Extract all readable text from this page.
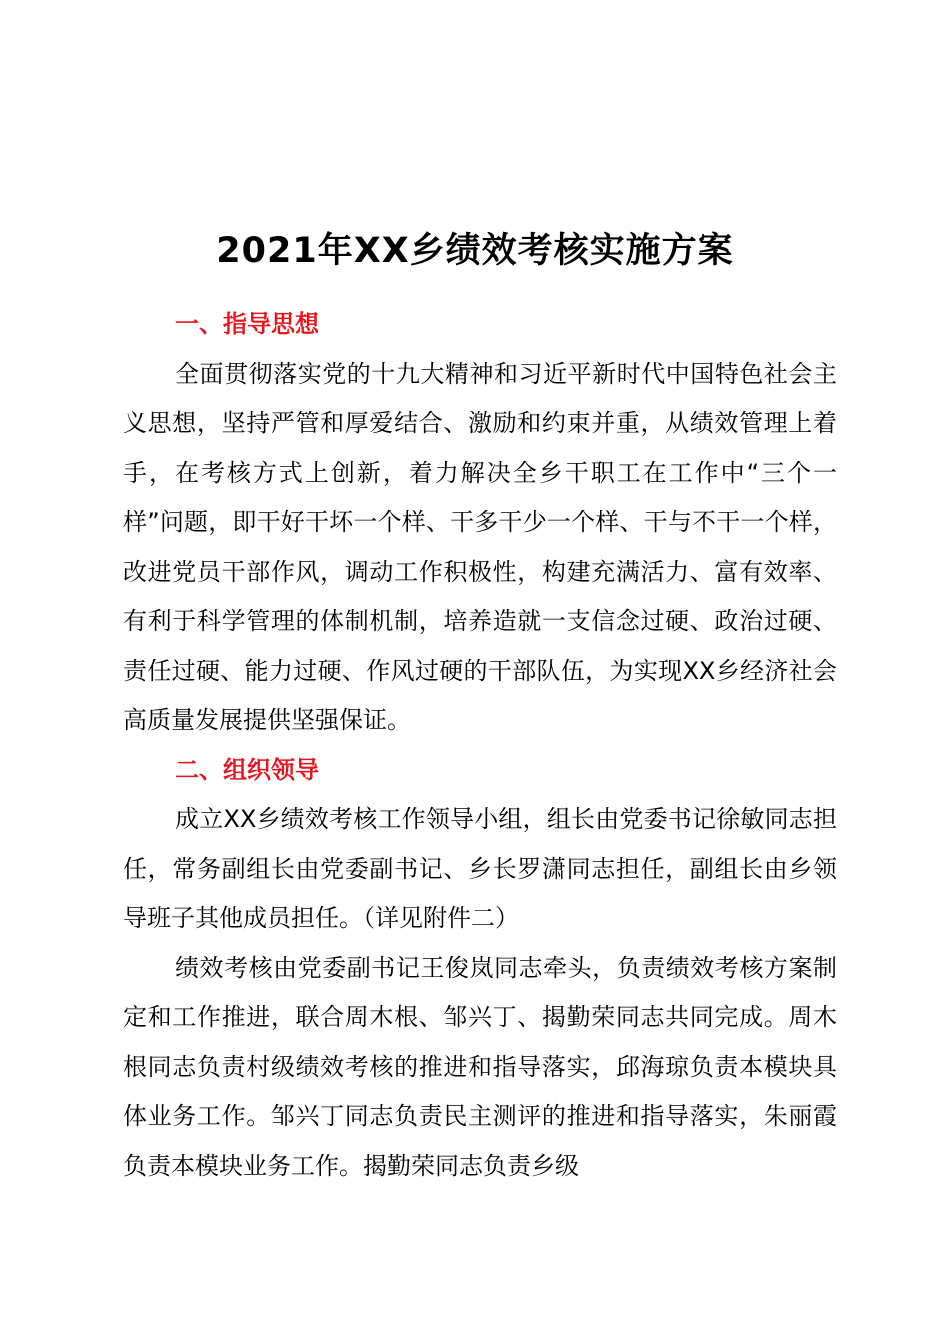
2021年XX乡绩效考核实施方案
一、指导思想

全面贯彻落实党的十九大精神和习近平新时代中国特色社会主义思想，坚持严管和厚爱结合、激励和约束并重，从绩效管理上着手，在考核方式上创新，着力解决全乡干职工在工作中“三个一样”问题，即干好干坏一个样、干多干少一个样、干与不干一个样，改进党员干部作风，调动工作积极性，构建充满活力、富有效率、有利于科学管理的体制机制，培养造就一支信念过硬、政治过硬、责任过硬、能力过硬、作风过硬的干部队伍，为实现XX乡经济社会高质量发展提供坚强保证。

二、组织领导

成立XX乡绩效考核工作领导小组，组长由党委书记徐敏同志担任，常务副组长由党委副书记、乡长罗潇同志担任，副组长由乡领导班子其他成员担任。（详见附件二）

绩效考核由党委副书记王俊岚同志牵头，负责绩效考核方案制定和工作推进，联合周木根、邹兴丁、揭勤荣同志共同完成。周木根同志负责村级绩效考核的推进和指导落实，邱海琼负责本模块具体业务工作。邹兴丁同志负责民主测评的推进和指导落实，朱丽霞负责本模块业务工作。揭勤荣同志负责乡级
